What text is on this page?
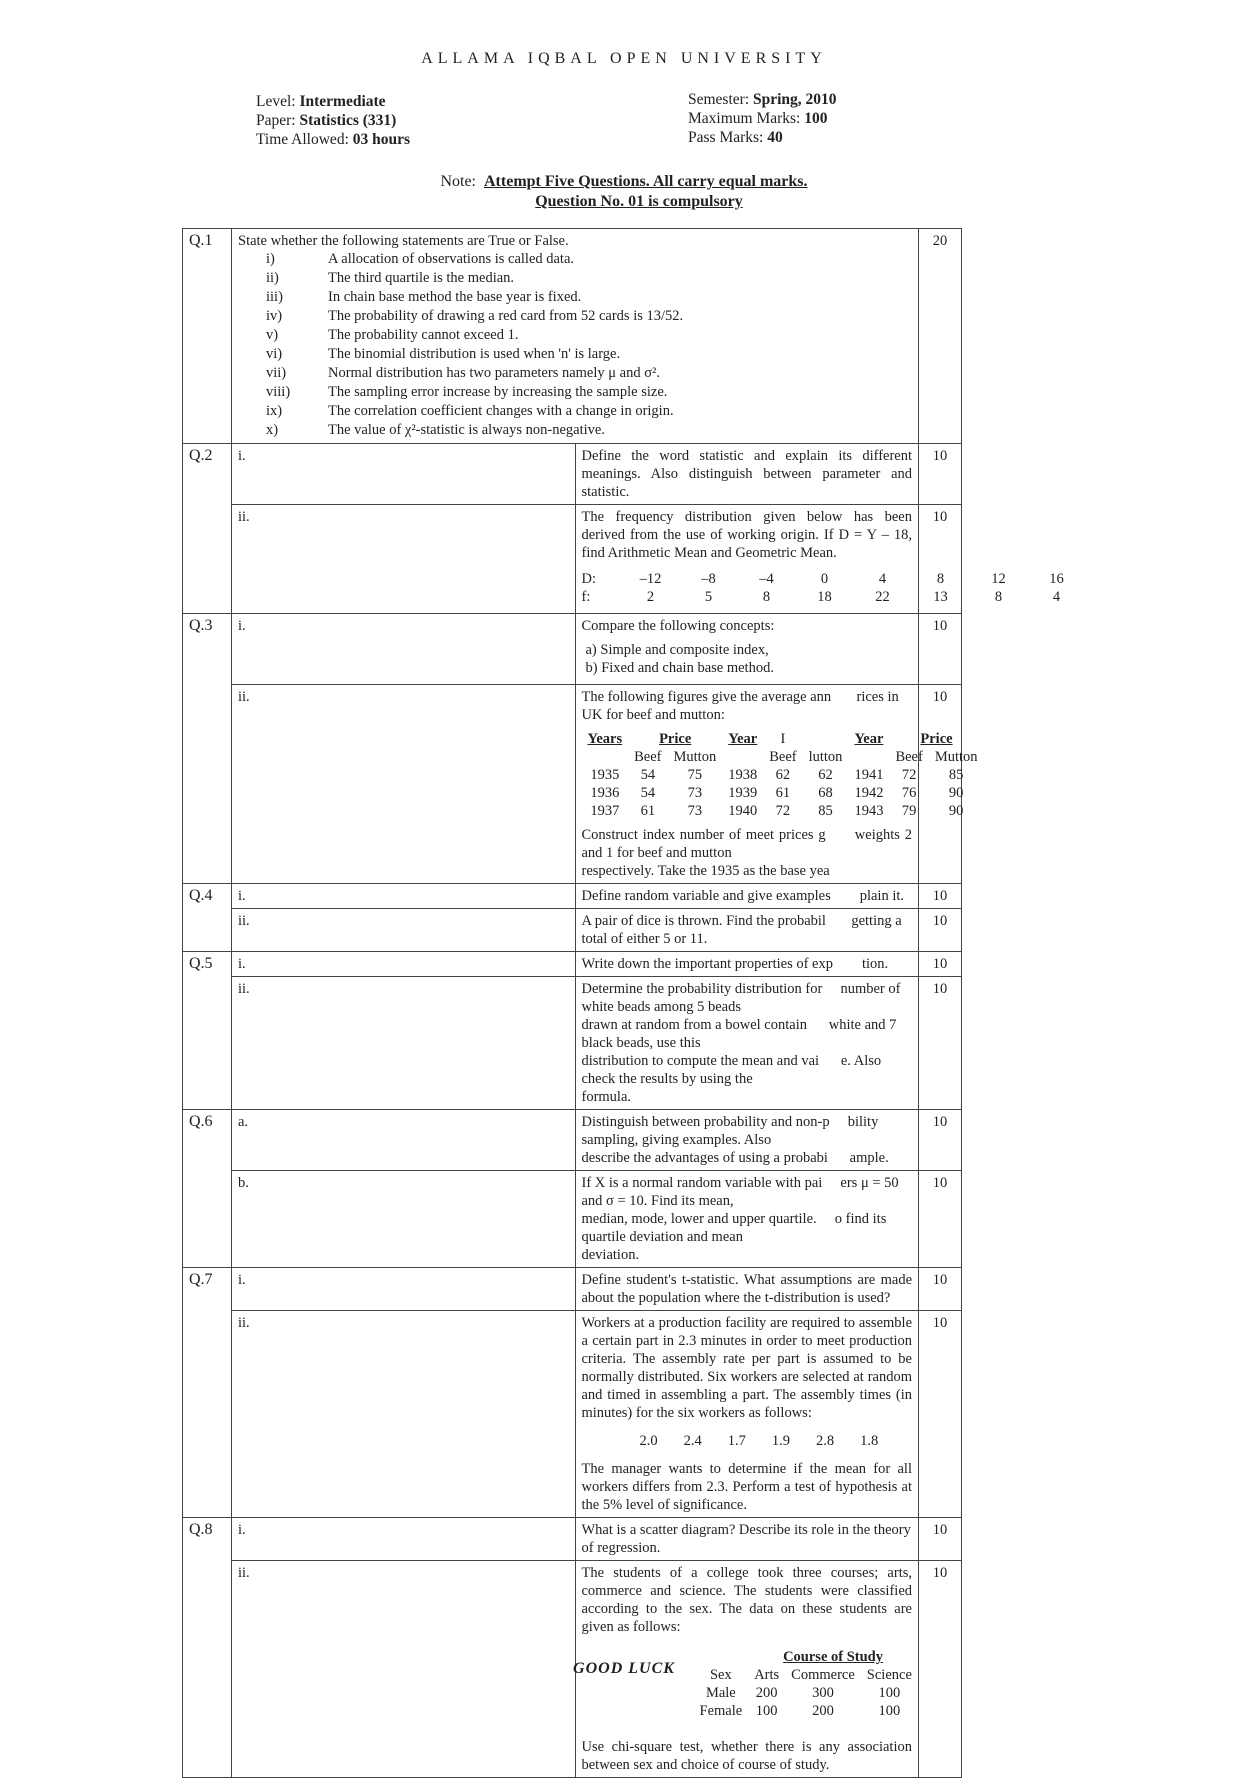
ALLAMA IQBAL OPEN UNIVERSITY
Level: Intermediate
Paper: Statistics (331)
Time Allowed: 03 hours
Semester: Spring, 2010
Maximum Marks: 100
Pass Marks: 40
Note: Attempt Five Questions. All carry equal marks.
Question No. 01 is compulsory
Q.1	State whether the following statements are True or False.

i)	A allocation of observations is called data.
ii)	The third quartile is the median.
iii)	In chain base method the base year is fixed.
iv)	The probability of drawing a red card from 52 cards is 13/52.
v)	The probability cannot exceed 1.
vi)	The binomial distribution is used when 'n' is large.
vii)	Normal distribution has two parameters namely μ and σ².
viii)	The sampling error increase by increasing the sample size.
ix)	The correlation coefficient changes with a change in origin.
x)	The value of χ²-statistic is always non-negative.
	20
Q.2	i.	Define the word statistic and explain its different meanings. Also distinguish between parameter and statistic.	10
ii.	The frequency distribution given below has been derived from the use of working origin. If D = Y – 18, find Arithmetic Mean and Geometric Mean.

D:	–12	–8	–4	0	4	8	12	16
f:	2	5	8	18	22	13	8	4
	10
Q.3	i.	Compare the following concepts:

a) Simple and composite index,
b) Fixed and chain base method.
	10
ii.	The following figures give the average ann rices in UK for beef and mutton:

Years	Price	Year	I		Year	Price
	Beef	Mutton		Beef	lutton		Beef	Mutton
1935	54	75	1938	62	62	1941	72	85
1936	54	73	1939	61	68	1942	76	90
1937	61	73	1940	72	85	1943	79	90

Construct index number of meet prices g weights 2 and 1 for beef and mutton

respectively. Take the 1935 as the base yea

	10
Q.4	i.	Define random variable and give examples plain it.	10
ii.	A pair of dice is thrown. Find the probabil getting a total of either 5 or 11.	10
Q.5	i.	Write down the important properties of exp tion.	10
ii.	Determine the probability distribution for number of white beads among 5 beads

drawn at random from a bowel contain white and 7 black beads, use this

distribution to compute the mean and vai e. Also check the results by using the

formula.

	10
Q.6	a.	Distinguish between probability and non-p bility sampling, giving examples. Also

describe the advantages of using a probabi ample.

	10
b.	If X is a normal random variable with pai ers μ = 50 and σ = 10. Find its mean,

median, mode, lower and upper quartile. o find its quartile deviation and mean

deviation.

	10
Q.7	i.	Define student's t-statistic. What assumptions are made about the population where the t-distribution is used?	10
ii.	Workers at a production facility are required to assemble a certain part in 2.3 minutes in order to meet production criteria. The assembly rate per part is assumed to be normally distributed. Six workers are selected at random and timed in assembling a part. The assembly times (in minutes) for the six workers as follows:

2.0 2.4 1.7 1.9 2.8 1.8

The manager wants to determine if the mean for all workers differs from 2.3. Perform a test of hypothesis at the 5% level of significance.

	10
Q.8	i.	What is a scatter diagram? Describe its role in the theory of regression.	10
ii.	The students of a college took three courses; arts, commerce and science. The students were classified according to the sex. The data on these students are given as follows:

	Course of Study
Sex	Arts	Commerce	Science
Male	200	300	100
Female	100	200	100

Use chi-square test, whether there is any association between sex and choice of course of study.

	10
GOOD LUCK
